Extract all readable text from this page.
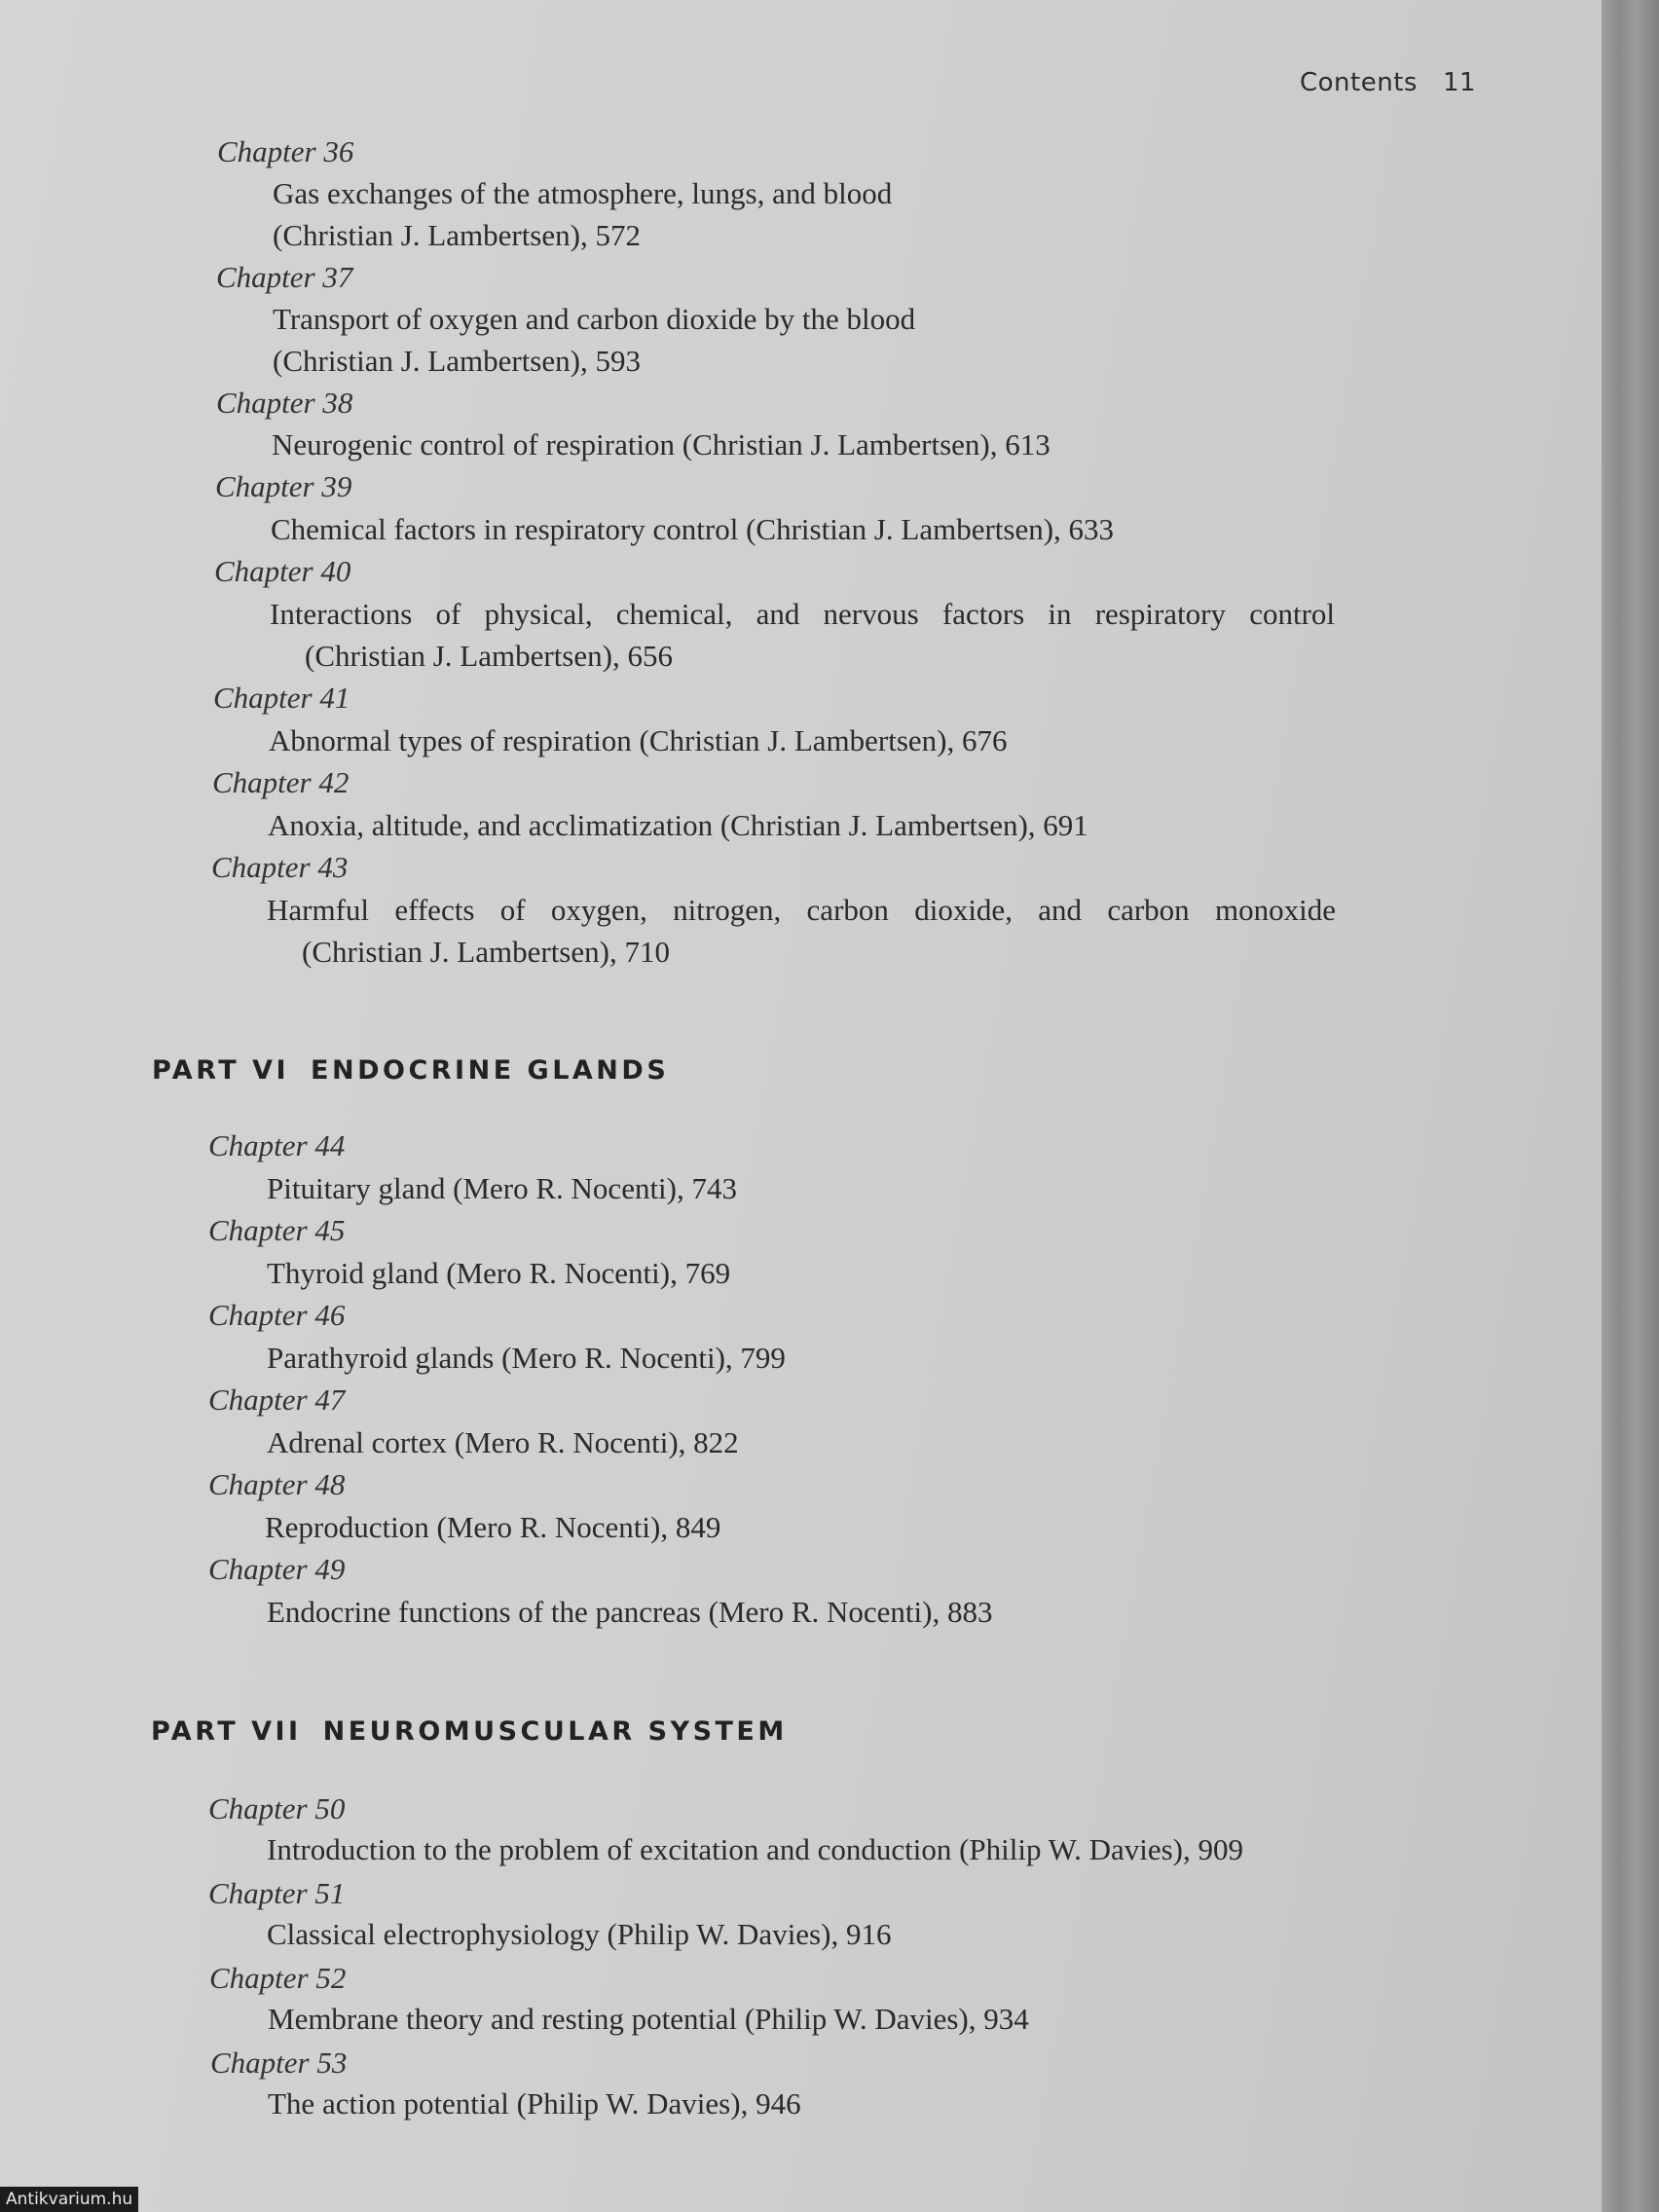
Contents 11
Chapter 36
Gas exchanges of the atmosphere, lungs, and blood
(Christian J. Lambertsen), 572
Chapter 37
Transport of oxygen and carbon dioxide by the blood
(Christian J. Lambertsen), 593
Chapter 38
Neurogenic control of respiration (Christian J. Lambertsen), 613
Chapter 39
Chemical factors in respiratory control (Christian J. Lambertsen), 633
Chapter 40
Interactions of physical, chemical, and nervous factors in respiratory control
(Christian J. Lambertsen), 656
Chapter 41
Abnormal types of respiration (Christian J. Lambertsen), 676
Chapter 42
Anoxia, altitude, and acclimatization (Christian J. Lambertsen), 691
Chapter 43
Harmful effects of oxygen, nitrogen, carbon dioxide, and carbon monoxide
(Christian J. Lambertsen), 710
PART VI ENDOCRINE GLANDS
Chapter 44
Pituitary gland (Mero R. Nocenti), 743
Chapter 45
Thyroid gland (Mero R. Nocenti), 769
Chapter 46
Parathyroid glands (Mero R. Nocenti), 799
Chapter 47
Adrenal cortex (Mero R. Nocenti), 822
Chapter 48
Reproduction (Mero R. Nocenti), 849
Chapter 49
Endocrine functions of the pancreas (Mero R. Nocenti), 883
PART VII NEUROMUSCULAR SYSTEM
Chapter 50
Introduction to the problem of excitation and conduction (Philip W. Davies), 909
Chapter 51
Classical electrophysiology (Philip W. Davies), 916
Chapter 52
Membrane theory and resting potential (Philip W. Davies), 934
Chapter 53
The action potential (Philip W. Davies), 946
Antikvarium.hu
